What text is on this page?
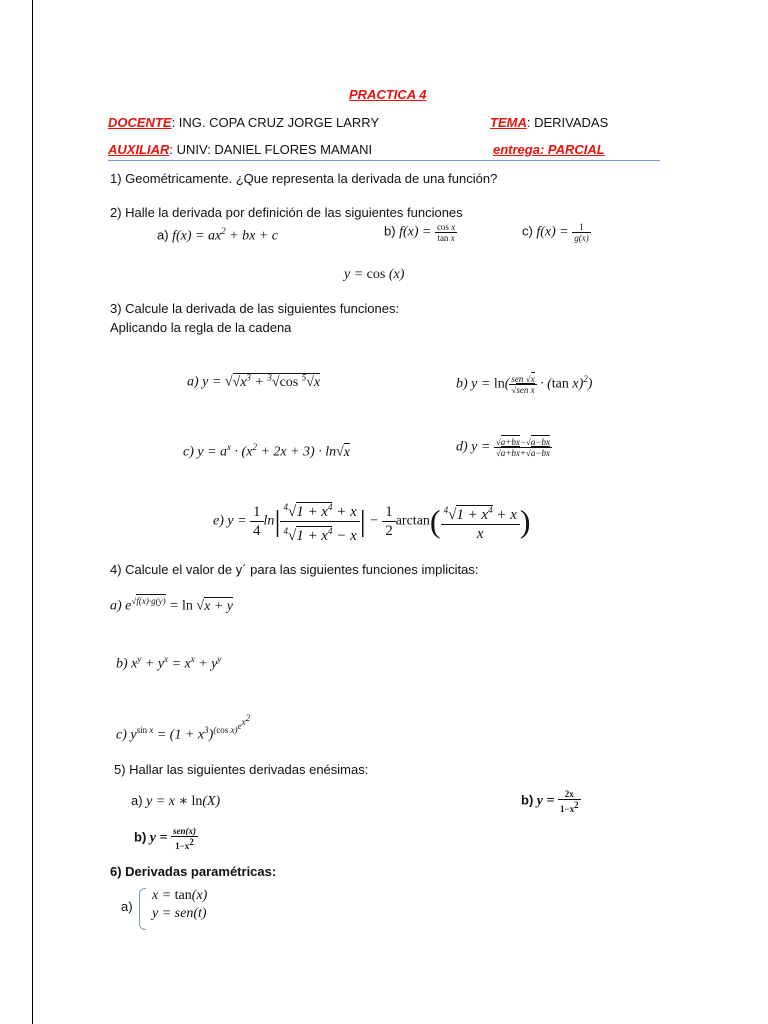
PRACTICA 4
DOCENTE: ING. COPA CRUZ JORGE LARRY	TEMA: DERIVADAS
AUXILIAR: UNIV: DANIEL FLORES MAMANI	entrega: PARCIAL
1) Geométricamente. ¿Que representa la derivada de una función?
2) Halle la derivada por definición de las siguientes funciones
a) $f(x) = ax^2$ + bx + c	b) $f(x) = \frac{\text{cos x}}{\text{tan x}}$	c) $f(x) = \frac{1}{g(x)}$
y = cos (x)
3) Calcule la derivada de las siguientes funciones:
Aplicando la regla de la cadena
a) $y = √√x^3 + ^3√\cos$ $^5$√x	b) $y = \ln( \frac{\text{sen √x}}{\text{√sen x}} \cdot (\tan$ x)$^2$)
c) $y = a^x \cdot (x^2 + 2x + 3) \cdot \ln√x$	d) $y = \frac{√a+bx-√a-bx}{√a+bx+√a-bx}$
e) $y = \frac{1}{4} \ln| \frac{^4√1 + x^4 + x}{^4√1 + x^4 - x}$ | − $\frac{1}{2} \arctan( \frac{^4√1 + x^4 + x}{x}$ )
4) Calcule el valor de y´ para las siguientes funciones implicitas:
a) $e^{√f(x)\cdot g(y)} = \ln √x + y$
b) $x^y + y^x = x^x + y^y$
c) $y^{sin x} = (1 + x^3)^{(cos x)^{e^{x^2}}}$
5) Hallar las siguientes derivadas enésimas:
a) y = x ∗ ln(X)	b) $y = \frac{2x}{1-x^2}$
b) $y = \frac{\text{sen(x)}}{1-x^2}$
6) Derivadas paramétricas:
a)
x = tan(x)
y = sen(t)
